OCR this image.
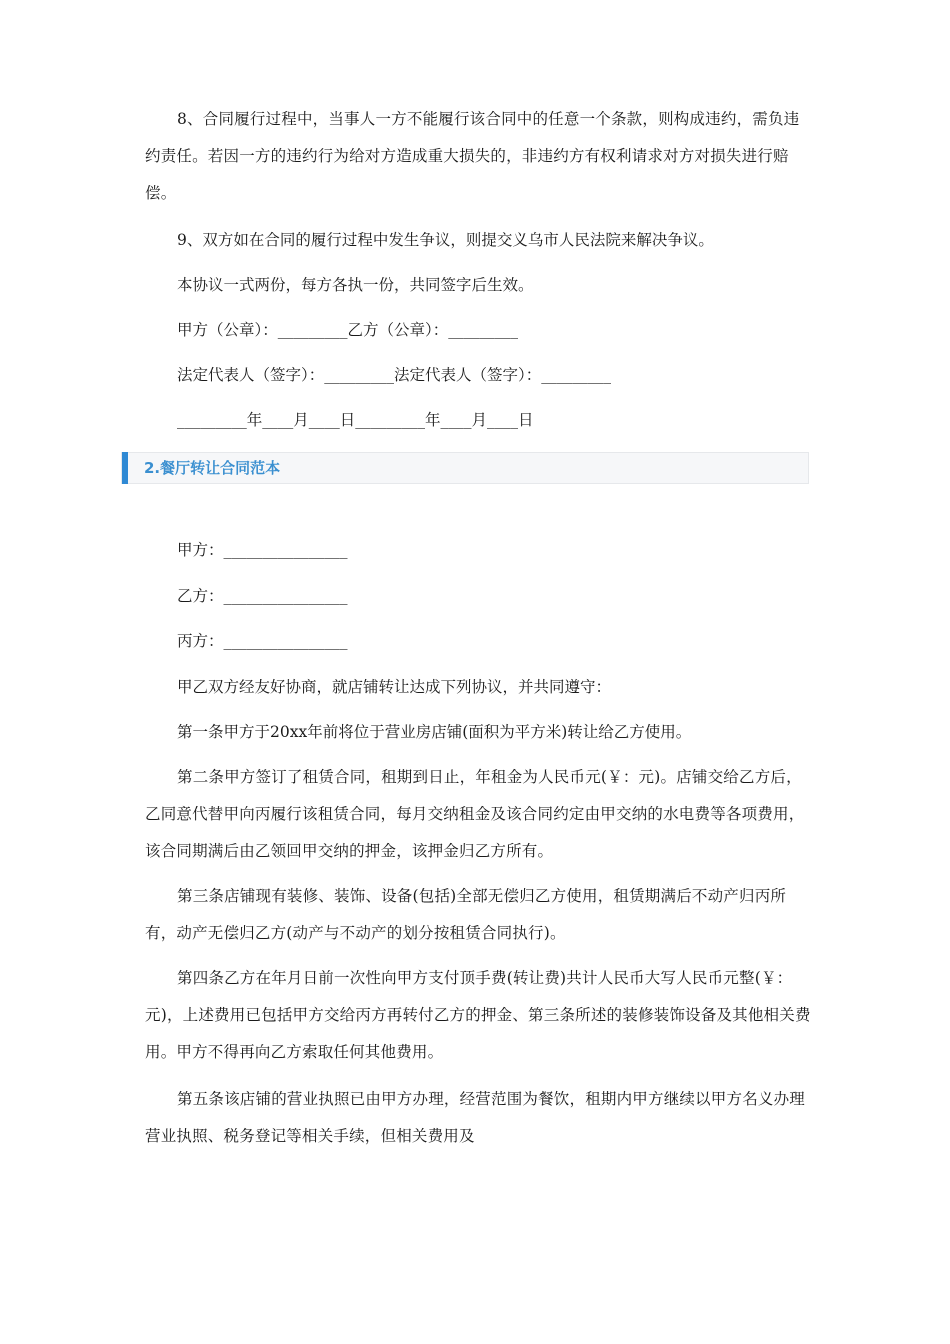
8、合同履行过程中，当事人一方不能履行该合同中的任意一个条款，则构成违约，需负违约责任。若因一方的违约行为给对方造成重大损失的，非违约方有权利请求对方对损失进行赔偿。
9、双方如在合同的履行过程中发生争议，则提交义乌市人民法院来解决争议。
本协议一式两份，每方各执一份，共同签字后生效。
甲方（公章）：_________乙方（公章）：_________
法定代表人（签字）：_________法定代表人（签字）：_________
_________年____月____日_________年____月____日
2.餐厅转让合同范本
甲方：________________
乙方：________________
丙方：________________
甲乙双方经友好协商，就店铺转让达成下列协议，并共同遵守：
第一条甲方于20xx年前将位于营业房店铺(面积为平方米)转让给乙方使用。
第二条甲方签订了租赁合同，租期到日止，年租金为人民币元(￥：元)。店铺交给乙方后，乙同意代替甲向丙履行该租赁合同，每月交纳租金及该合同约定由甲交纳的水电费等各项费用，该合同期满后由乙领回甲交纳的押金，该押金归乙方所有。
第三条店铺现有装修、装饰、设备(包括)全部无偿归乙方使用，租赁期满后不动产归丙所有，动产无偿归乙方(动产与不动产的划分按租赁合同执行)。
第四条乙方在年月日前一次性向甲方支付顶手费(转让费)共计人民币大写人民币元整(￥：元)，上述费用已包括甲方交给丙方再转付乙方的押金、第三条所述的装修装饰设备及其他相关费用。甲方不得再向乙方索取任何其他费用。
第五条该店铺的营业执照已由甲方办理，经营范围为餐饮，租期内甲方继续以甲方名义办理营业执照、税务登记等相关手续，但相关费用及
